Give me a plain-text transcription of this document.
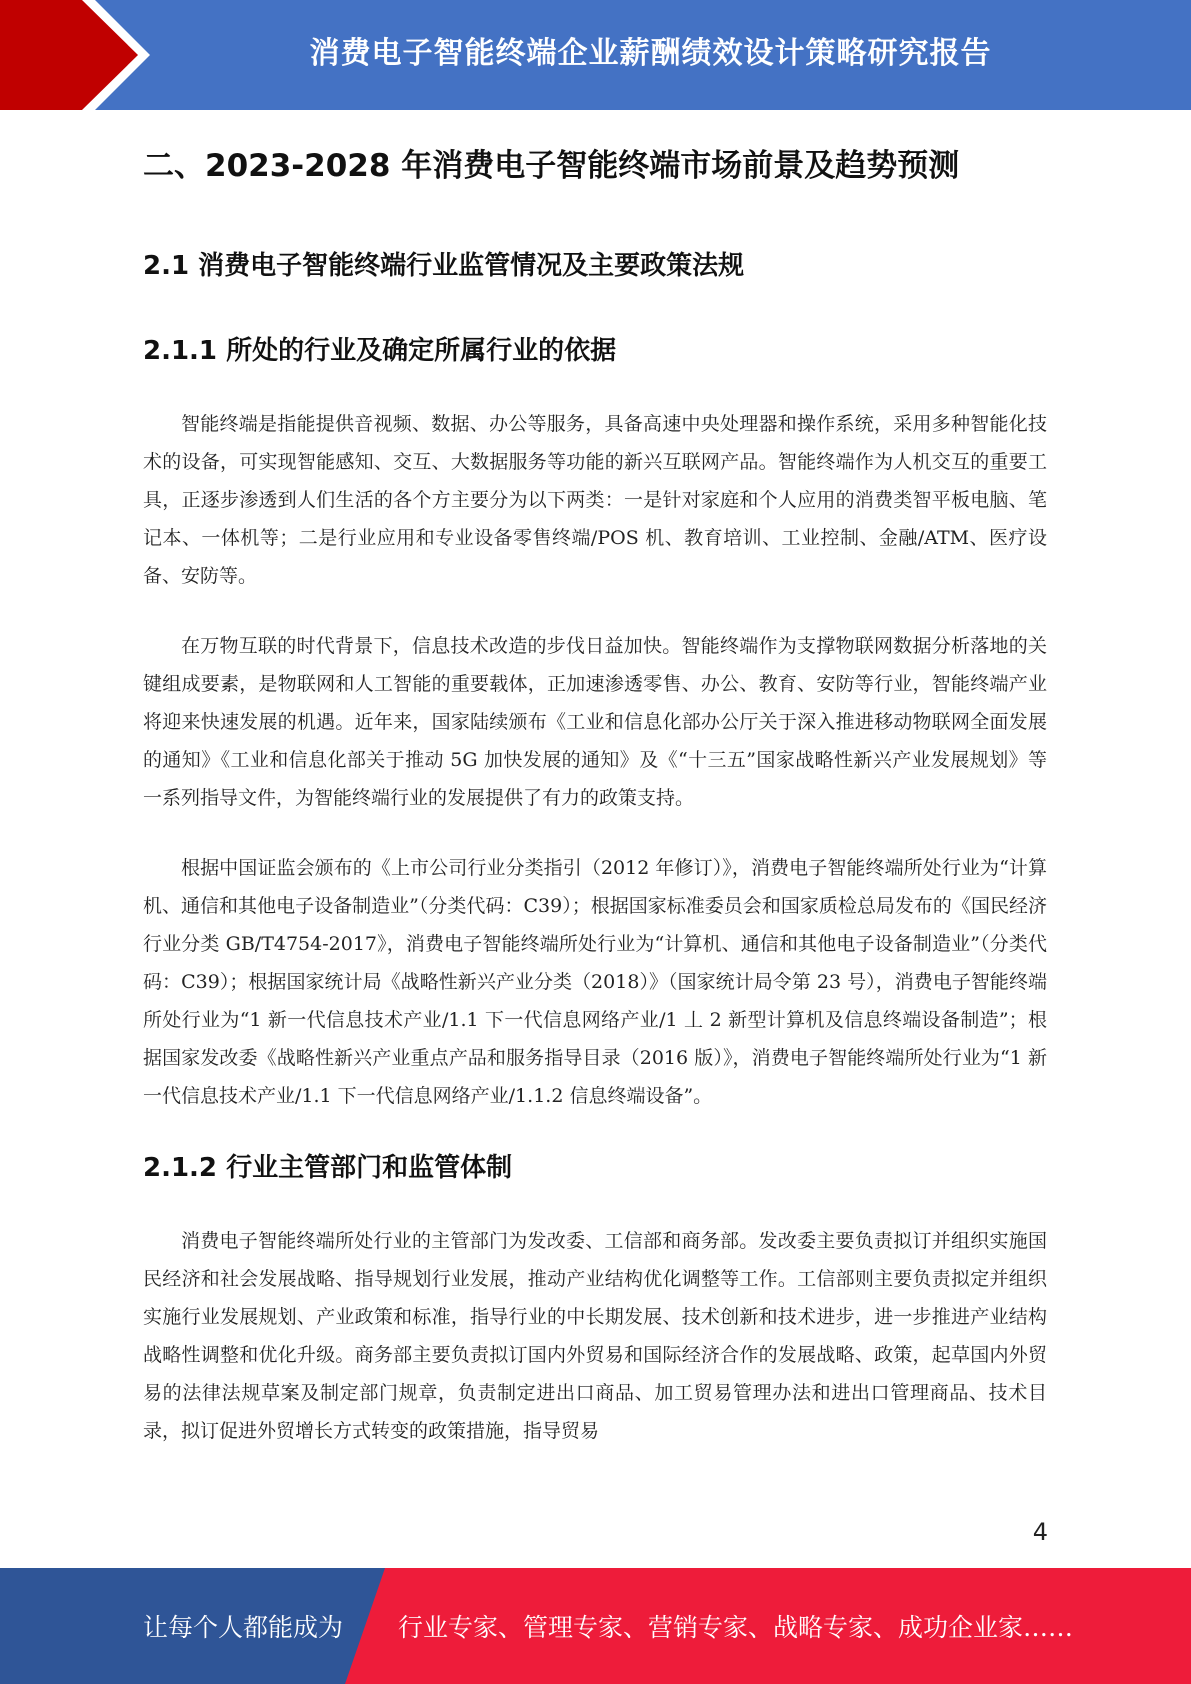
消费电子智能终端企业薪酬绩效设计策略研究报告
二、2023-2028 年消费电子智能终端市场前景及趋势预测
2.1 消费电子智能终端行业监管情况及主要政策法规
2.1.1 所处的行业及确定所属行业的依据

智能终端是指能提供音视频、数据、办公等服务，具备高速中央处理器和操作系统，采用多种智能化技术的设备，可实现智能感知、交互、大数据服务等功能的新兴互联网产品。智能终端作为人机交互的重要工具，正逐步渗透到人们生活的各个方主要分为以下两类：一是针对家庭和个人应用的消费类智平板电脑、笔记本、一体机等；二是行业应用和专业设备零售终端/POS 机、教育培训、工业控制、金融/ATM、医疗设备、安防等。

在万物互联的时代背景下，信息技术改造的步伐日益加快。智能终端作为支撑物联网数据分析落地的关键组成要素，是物联网和人工智能的重要载体，正加速渗透零售、办公、教育、安防等行业，智能终端产业将迎来快速发展的机遇。近年来，国家陆续颁布《工业和信息化部办公厅关于深入推进移动物联网全面发展的通知》《工业和信息化部关于推动 5G 加快发展的通知》及《“十三五”国家战略性新兴产业发展规划》等一系列指导文件，为智能终端行业的发展提供了有力的政策支持。

根据中国证监会颁布的《上市公司行业分类指引（2012 年修订）》，消费电子智能终端所处行业为“计算机、通信和其他电子设备制造业”（分类代码：C39）；根据国家标准委员会和国家质检总局发布的《国民经济行业分类 GB/T4754-2017》，消费电子智能终端所处行业为“计算机、通信和其他电子设备制造业”（分类代码：C39）；根据国家统计局《战略性新兴产业分类（2018）》（国家统计局令第 23 号），消费电子智能终端所处行业为“1 新一代信息技术产业/1.1 下一代信息网络产业/1 丄 2 新型计算机及信息终端设备制造”；根据国家发改委《战略性新兴产业重点产品和服务指导目录（2016 版）》，消费电子智能终端所处行业为“1 新一代信息技术产业/1.1 下一代信息网络产业/1.1.2 信息终端设备”。

2.1.2 行业主管部门和监管体制

消费电子智能终端所处行业的主管部门为发改委、工信部和商务部。发改委主要负责拟订并组织实施国民经济和社会发展战略、指导规划行业发展，推动产业结构优化调整等工作。工信部则主要负责拟定并组织实施行业发展规划、产业政策和标准，指导行业的中长期发展、技术创新和技术进步，进一步推进产业结构战略性调整和优化升级。商务部主要负责拟订国内外贸易和国际经济合作的发展战略、政策，起草国内外贸易的法律法规草案及制定部门规章，负责制定进出口商品、加工贸易管理办法和进出口管理商品、技术目录，拟订促进外贸增长方式转变的政策措施，指导贸易

4
让每个人都能成为 行业专家、管理专家、营销专家、战略专家、成功企业家……
